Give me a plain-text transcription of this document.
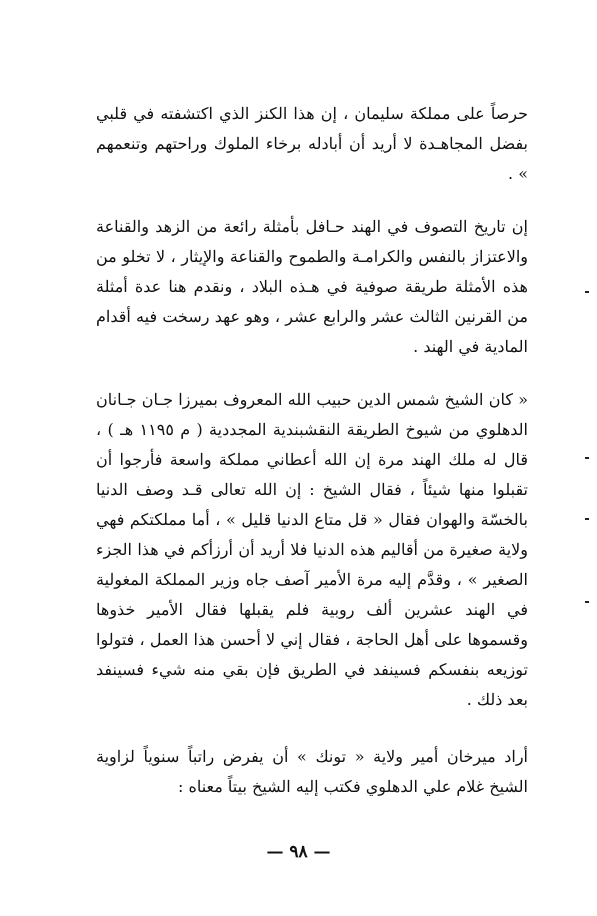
حرصاً على مملكة سليمان ، إن هذا الكنز الذي اكتشفته في قلبي بفضل المجاهـدة لا أريد أن أبادله برخاء الملوك وراحتهم وتنعمهم » .

إن تاريخ التصوف في الهند حـافل بأمثلة رائعة من الزهد والقناعة والاعتزاز بالنفس والكرامـة والطموح والقناعة والإيثار ، لا تخلو من هذه الأمثلة طريقة صوفية في هـذه البلاد ، ونقدم هنا عدة أمثلة من القرنين الثالث عشر والرابع عشر ، وهو عهد رسخت فيه أقدام المادية في الهند .

« كان الشيخ شمس الدين حبيب الله المعروف بميرزا جـان جـانان الدهلوي من شيوخ الطريقة النقشبندية المجددية ( م ١١٩٥ هـ ) ، قال له ملك الهند مرة إن الله أعطاني مملكة واسعة فأرجوا أن تقبلوا منها شيئاً ، فقال الشيخ : إن الله تعالى قـد وصف الدنيا بالخسّة والهوان فقال « قل متاع الدنيا قليل » ، أما مملكتكم فهي ولاية صغيرة من أقاليم هذه الدنيا فلا أريد أن أرزأكم في هذا الجزء الصغير » ، وقدَّم إليه مرة الأمير آصف جاه وزير المملكة المغولية في الهند عشرين ألف روبية فلم يقبلها فقال الأمير خذوها وقسموها على أهل الحاجة ، فقال إني لا أحسن هذا العمل ، فتولوا توزيعه بنفسكم فسينفد في الطريق فإن بقي منه شيء فسينفد بعد ذلك .

أراد ميرخان أمير ولاية « تونك » أن يفرض راتباً سنوياً لزاوية الشيخ غلام علي الدهلوي فكتب إليه الشيخ بيتاً معناه :

— ٩٨ —
